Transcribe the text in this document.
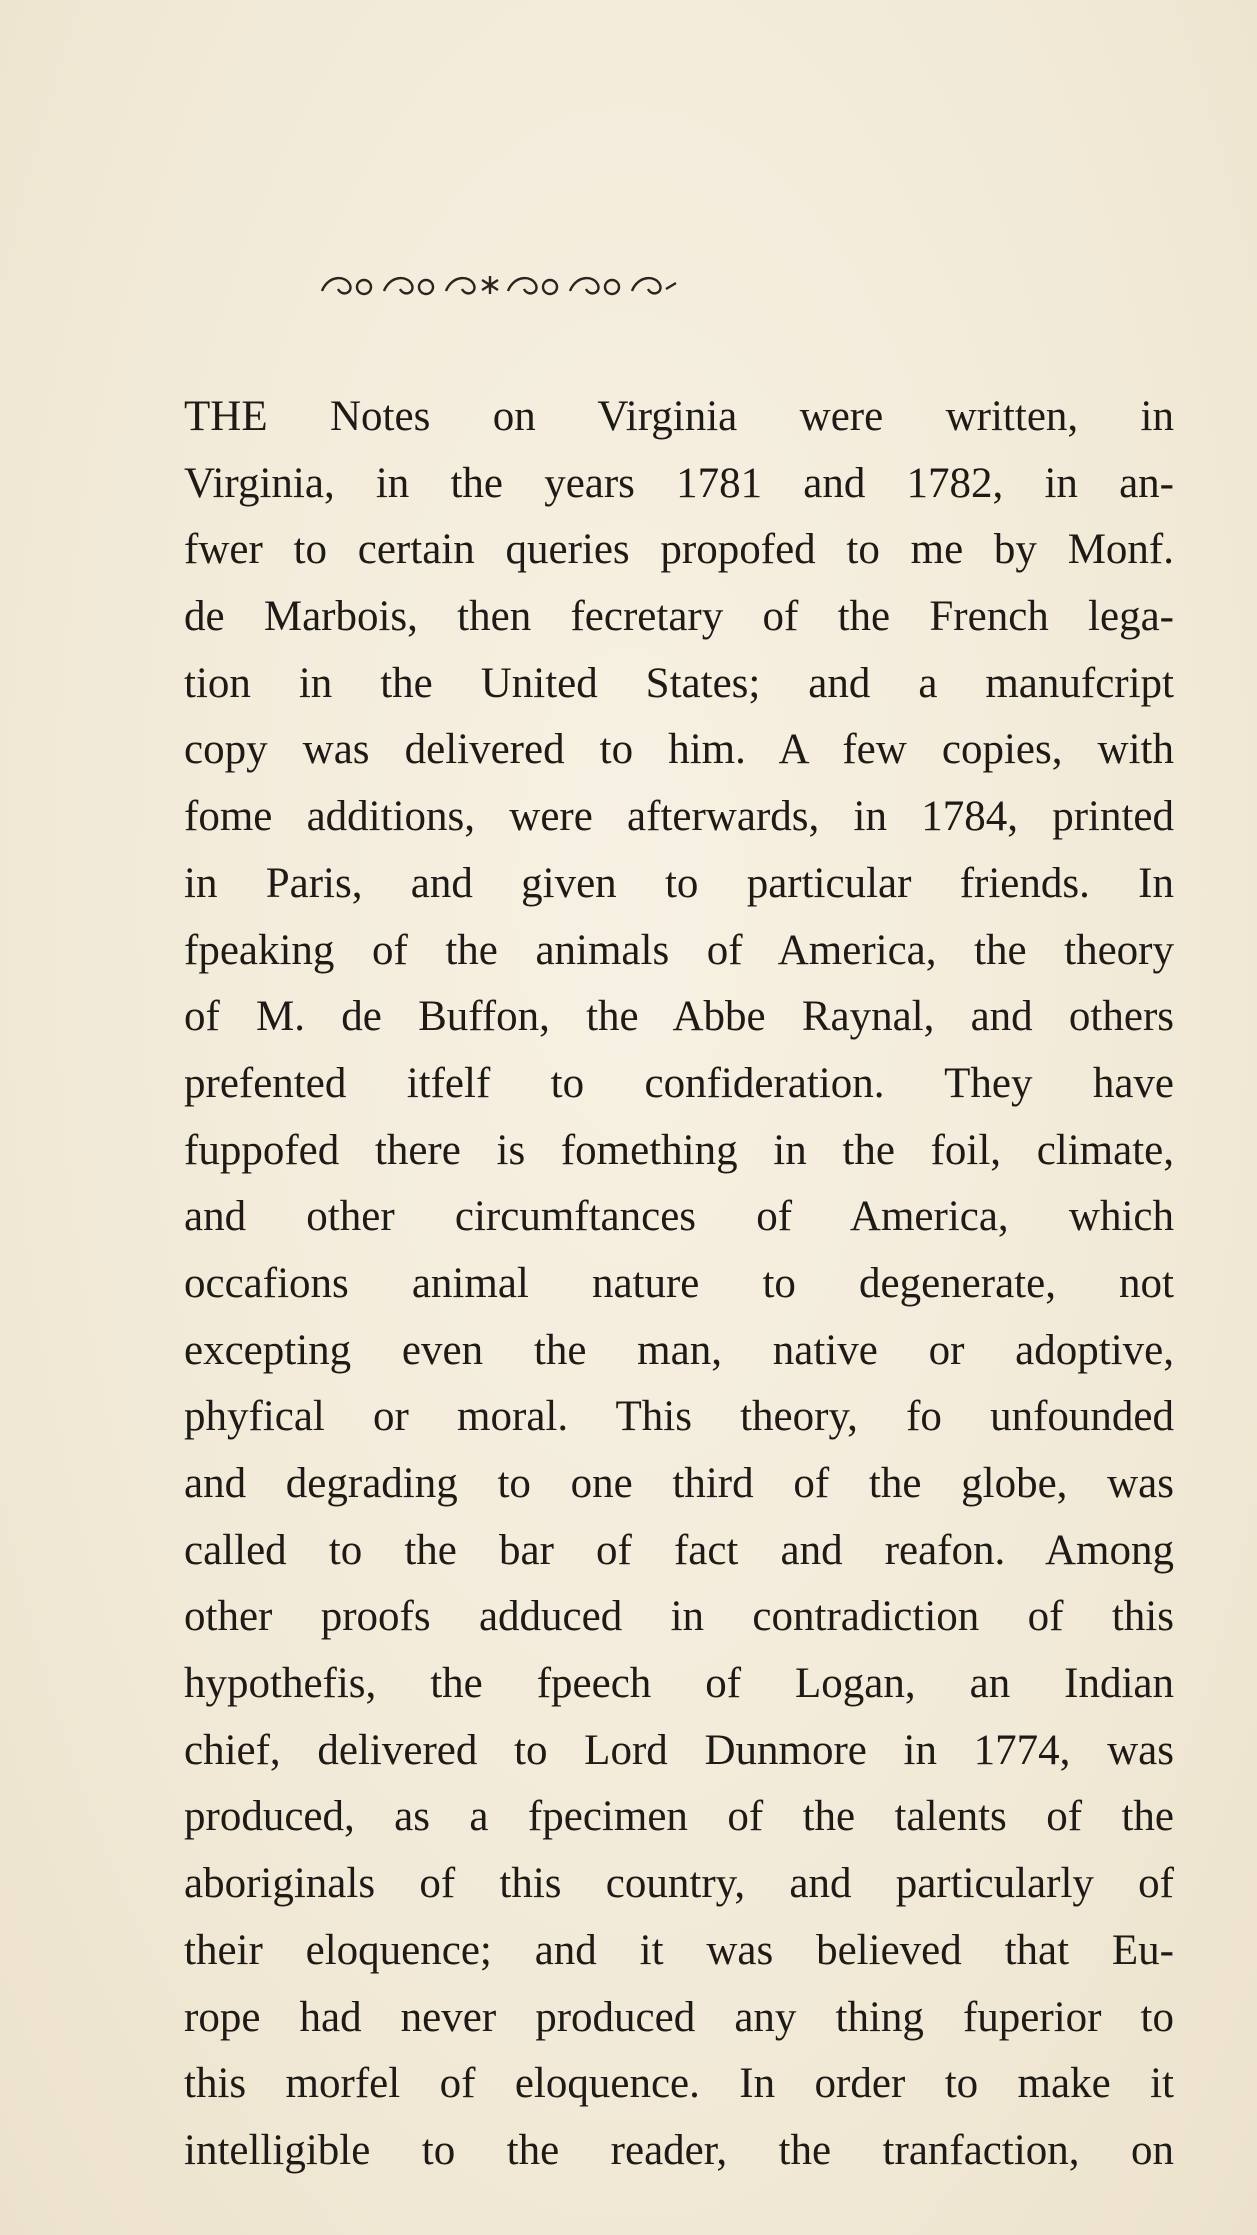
THE Notes on Virginia were written, in
Virginia, in the years 1781 and 1782, in an-
fwer to certain queries propofed to me by Monf.
de Marbois, then fecretary of the French lega-
tion in the United States; and a manufcript
copy was delivered to him. A few copies, with
fome additions, were afterwards, in 1784, printed
in Paris, and given to particular friends. In
fpeaking of the animals of America, the theory
of M. de Buffon, the Abbe Raynal, and others
prefented itfelf to confideration. They have
fuppofed there is fomething in the foil, climate,
and other circumftances of America, which
occafions animal nature to degenerate, not
excepting even the man, native or adoptive,
phyfical or moral. This theory, fo unfounded
and degrading to one third of the globe, was
called to the bar of fact and reafon. Among
other proofs adduced in contradiction of this
hypothefis, the fpeech of Logan, an Indian
chief, delivered to Lord Dunmore in 1774, was
produced, as a fpecimen of the talents of the
aboriginals of this country, and particularly of
their eloquence; and it was believed that Eu-
rope had never produced any thing fuperior to
this morfel of eloquence. In order to make it
intelligible to the reader, the tranfaction, on
